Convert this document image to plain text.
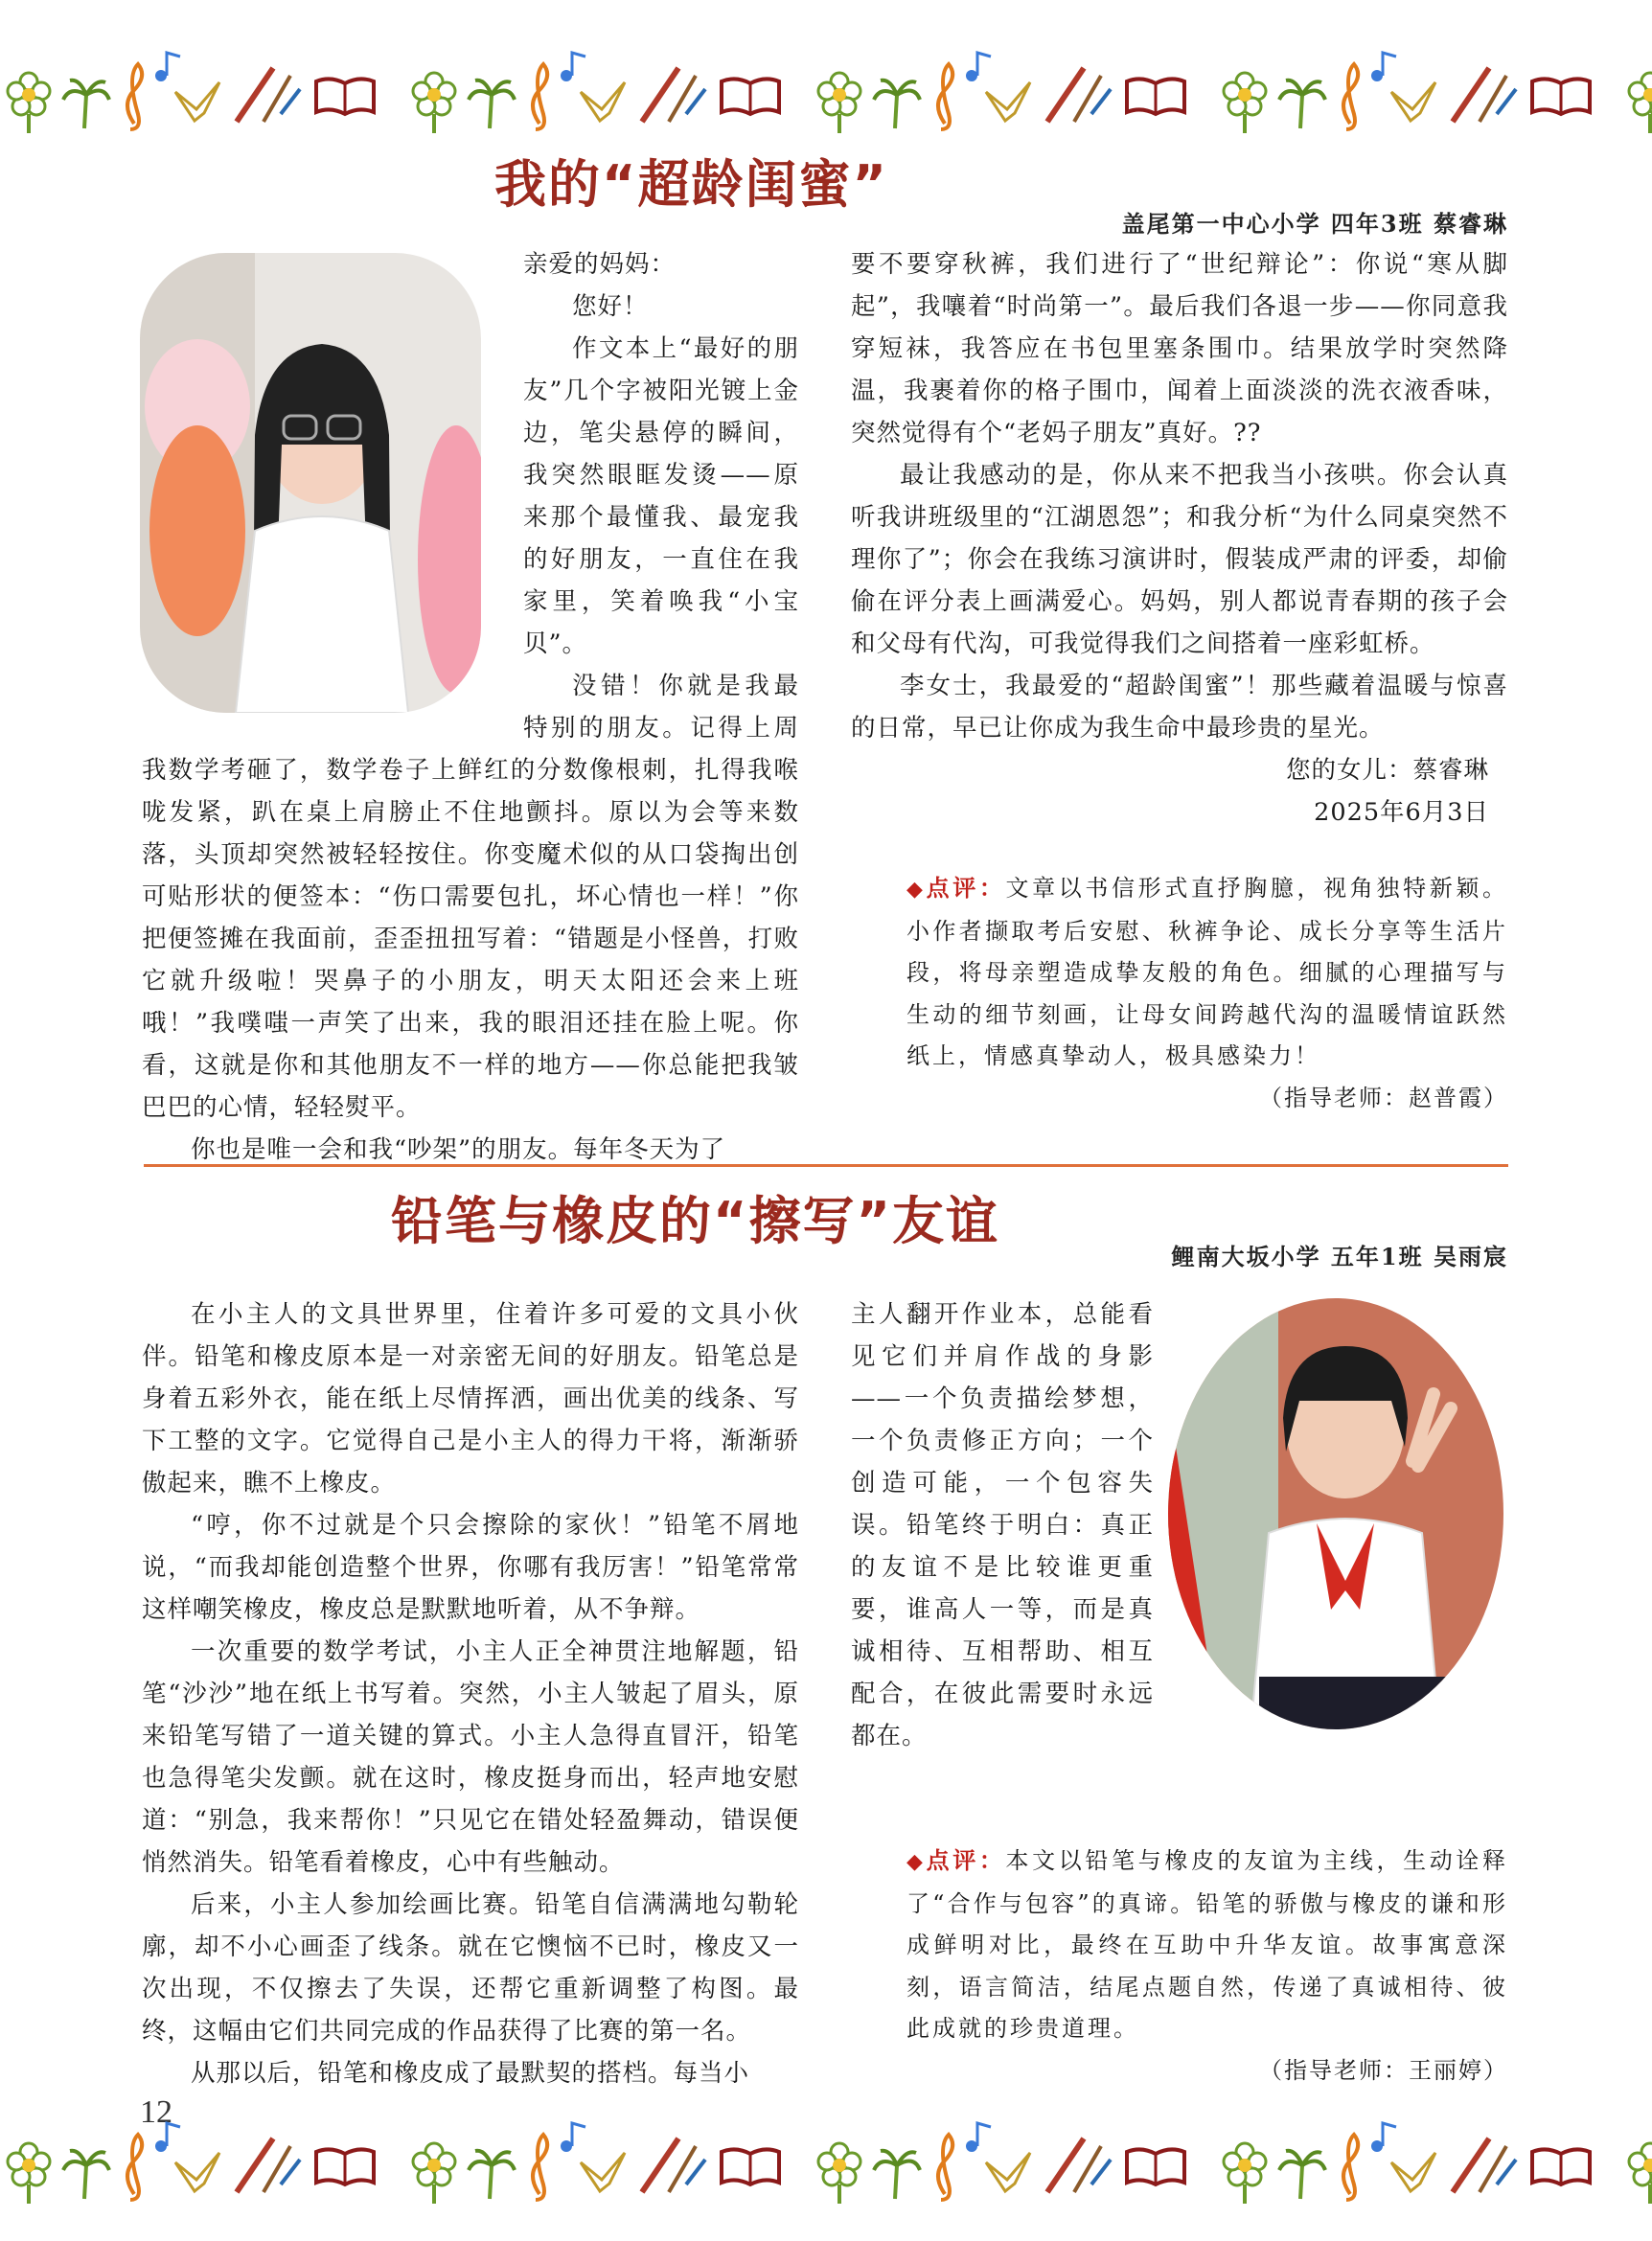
我的“超龄闺蜜”
盖尾第一中心小学 四年3班 蔡睿琳

亲爱的妈妈：

您好！

作文本上“最好的朋友”几个字被阳光镀上金边，笔尖悬停的瞬间，我突然眼眶发烫——原来那个最懂我、最宠我的好朋友，一直住在我家里，笑着唤我“小宝贝”。

没错！你就是我最特别的朋友。记得上周我数学考砸了，数学卷子上鲜红的分数像根刺，扎得我喉咙发紧，趴在桌上肩膀止不住地颤抖。原以为会等来数落，头顶却突然被轻轻按住。你变魔术似的从口袋掏出创可贴形状的便签本：“伤口需要包扎，坏心情也一样！”你把便签摊在我面前，歪歪扭扭写着：“错题是小怪兽，打败它就升级啦！哭鼻子的小朋友，明天太阳还会来上班哦！”我噗嗤一声笑了出来，我的眼泪还挂在脸上呢。你看，这就是你和其他朋友不一样的地方——你总能把我皱巴巴的心情，轻轻熨平。

你也是唯一会和我“吵架”的朋友。每年冬天为了

要不要穿秋裤，我们进行了“世纪辩论”：你说“寒从脚起”，我嚷着“时尚第一”。最后我们各退一步——你同意我穿短袜，我答应在书包里塞条围巾。结果放学时突然降温，我裹着你的格子围巾，闻着上面淡淡的洗衣液香味，突然觉得有个“老妈子朋友”真好。??

最让我感动的是，你从来不把我当小孩哄。你会认真听我讲班级里的“江湖恩怨”；和我分析“为什么同桌突然不理你了”；你会在我练习演讲时，假装成严肃的评委，却偷偷在评分表上画满爱心。妈妈，别人都说青春期的孩子会和父母有代沟，可我觉得我们之间搭着一座彩虹桥。

李女士，我最爱的“超龄闺蜜”！那些藏着温暖与惊喜的日常，早已让你成为我生命中最珍贵的星光。

您的女儿：蔡睿琳

2025年6月3日

◆点评：文章以书信形式直抒胸臆，视角独特新颖。小作者撷取考后安慰、秋裤争论、成长分享等生活片段，将母亲塑造成挚友般的角色。细腻的心理描写与生动的细节刻画，让母女间跨越代沟的温暖情谊跃然纸上，情感真挚动人，极具感染力！
（指导老师：赵普霞）
铅笔与橡皮的“擦写”友谊
鲤南大坂小学 五年1班 吴雨宸

在小主人的文具世界里，住着许多可爱的文具小伙伴。铅笔和橡皮原本是一对亲密无间的好朋友。铅笔总是身着五彩外衣，能在纸上尽情挥洒，画出优美的线条、写下工整的文字。它觉得自己是小主人的得力干将，渐渐骄傲起来，瞧不上橡皮。

“哼，你不过就是个只会擦除的家伙！”铅笔不屑地说，“而我却能创造整个世界，你哪有我厉害！”铅笔常常这样嘲笑橡皮，橡皮总是默默地听着，从不争辩。

一次重要的数学考试，小主人正全神贯注地解题，铅笔“沙沙”地在纸上书写着。突然，小主人皱起了眉头，原来铅笔写错了一道关键的算式。小主人急得直冒汗，铅笔也急得笔尖发颤。就在这时，橡皮挺身而出，轻声地安慰道：“别急，我来帮你！”只见它在错处轻盈舞动，错误便悄然消失。铅笔看着橡皮，心中有些触动。

后来，小主人参加绘画比赛。铅笔自信满满地勾勒轮廓，却不小心画歪了线条。就在它懊恼不已时，橡皮又一次出现，不仅擦去了失误，还帮它重新调整了构图。最终，这幅由它们共同完成的作品获得了比赛的第一名。

从那以后，铅笔和橡皮成了最默契的搭档。每当小

主人翻开作业本，总能看见它们并肩作战的身影——一个负责描绘梦想，一个负责修正方向；一个创造可能，一个包容失误。铅笔终于明白：真正的友谊不是比较谁更重要，谁高人一等，而是真诚相待、互相帮助、相互配合，在彼此需要时永远都在。

◆点评：本文以铅笔与橡皮的友谊为主线，生动诠释了“合作与包容”的真谛。铅笔的骄傲与橡皮的谦和形成鲜明对比，最终在互助中升华友谊。故事寓意深刻，语言简洁，结尾点题自然，传递了真诚相待、彼此成就的珍贵道理。
（指导老师：王丽婷）
12
